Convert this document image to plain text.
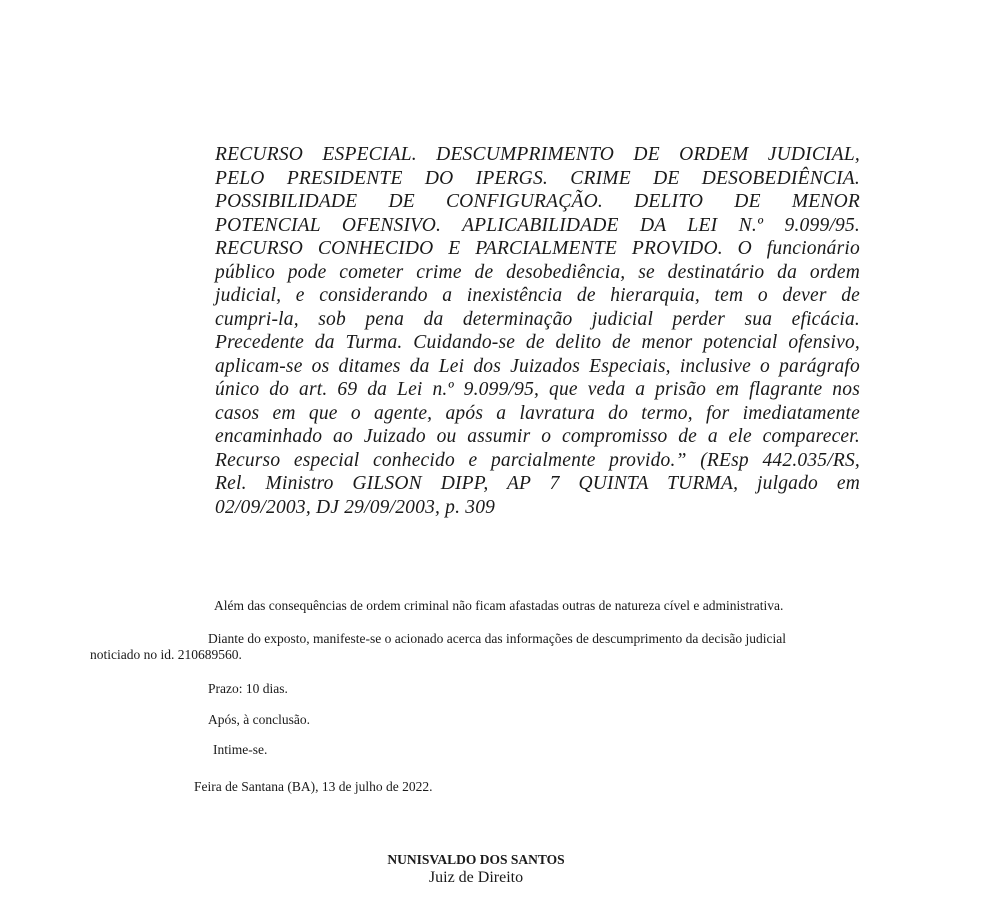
RECURSO ESPECIAL. DESCUMPRIMENTO DE ORDEM JUDICIAL,
PELO PRESIDENTE DO IPERGS. CRIME DE DESOBEDIÊNCIA.
POSSIBILIDADE DE CONFIGURAÇÃO. DELITO DE MENOR
POTENCIAL OFENSIVO. APLICABILIDADE DA LEI N.º 9.099/95.
RECURSO CONHECIDO E PARCIALMENTE PROVIDO. O funcionário
público pode cometer crime de desobediência, se destinatário da ordem
judicial, e considerando a inexistência de hierarquia, tem o dever de
cumpri-la, sob pena da determinação judicial perder sua eficácia.
Precedente da Turma. Cuidando-se de delito de menor potencial ofensivo,
aplicam-se os ditames da Lei dos Juizados Especiais, inclusive o parágrafo
único do art. 69 da Lei n.º 9.099/95, que veda a prisão em flagrante nos
casos em que o agente, após a lavratura do termo, for imediatamente
encaminhado ao Juizado ou assumir o compromisso de a ele comparecer.
Recurso especial conhecido e parcialmente provido.” (REsp 442.035/RS,
Rel. Ministro GILSON DIPP, AP 7 QUINTA TURMA, julgado em
02/09/2003, DJ 29/09/2003, p. 309
Além das consequências de ordem criminal não ficam afastadas outras de natureza cível e administrativa.
Diante do exposto, manifeste-se o acionado acerca das informações de descumprimento da decisão judicial
noticiado no id. 210689560.
Prazo: 10 dias.
Após, à conclusão.
Intime-se.
Feira de Santana (BA), 13 de julho de 2022.
NUNISVALDO DOS SANTOS
Juiz de Direito
